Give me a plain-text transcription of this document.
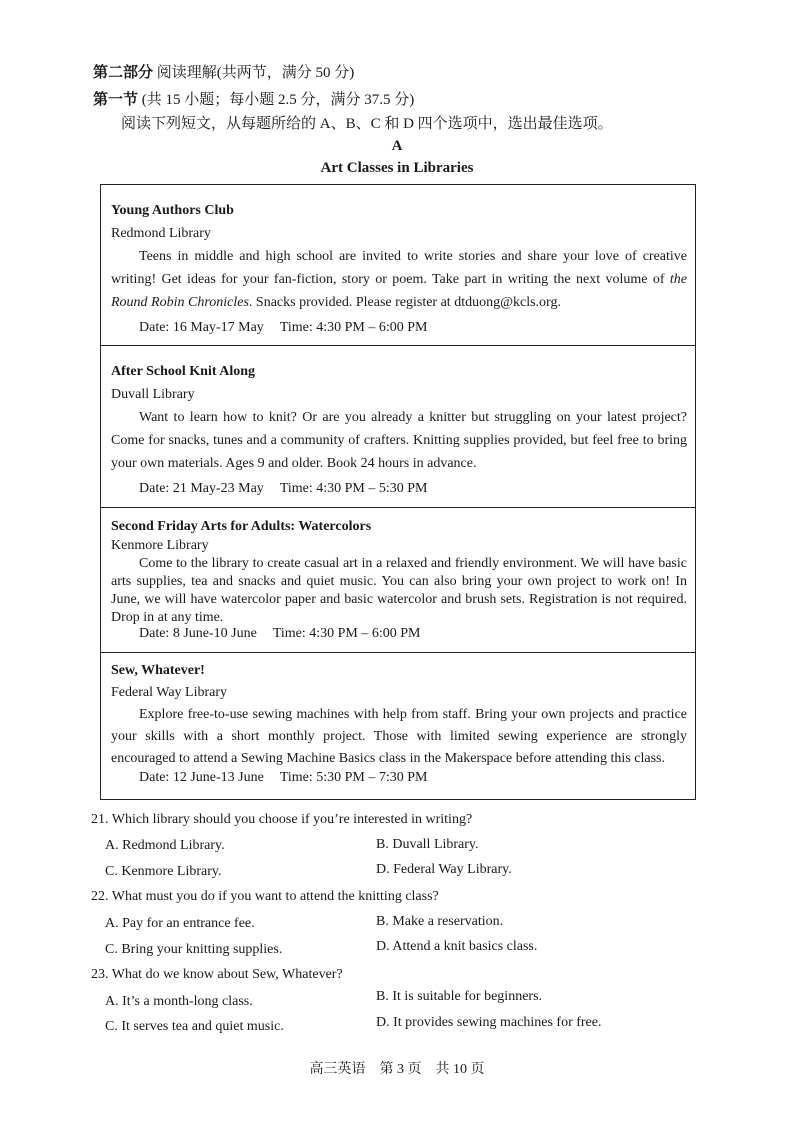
第二部分 阅读理解(共两节，满分 50 分)
第一节 (共 15 小题；每小题 2.5 分，满分 37.5 分)
阅读下列短文，从每题所给的 A、B、C 和 D 四个选项中，选出最佳选项。
A
Art Classes in Libraries
Young Authors Club
Redmond Library
Teens in middle and high school are invited to write stories and share your love of creative writing! Get ideas for your fan-fiction, story or poem. Take part in writing the next volume of the Round Robin Chronicles. Snacks provided. Please register at dtduong@kcls.org.
Date: 16 May-17 May Time: 4:30 PM – 6:00 PM
After School Knit Along
Duvall Library
Want to learn how to knit? Or are you already a knitter but struggling on your latest project? Come for snacks, tunes and a community of crafters. Knitting supplies provided, but feel free to bring your own materials. Ages 9 and older. Book 24 hours in advance.
Date: 21 May-23 May Time: 4:30 PM – 5:30 PM
Second Friday Arts for Adults: Watercolors
Kenmore Library
Come to the library to create casual art in a relaxed and friendly environment. We will have basic arts supplies, tea and snacks and quiet music. You can also bring your own project to work on! In June, we will have watercolor paper and basic watercolor and brush sets. Registration is not required. Drop in at any time.
Date: 8 June-10 June Time: 4:30 PM – 6:00 PM
Sew, Whatever!
Federal Way Library
Explore free-to-use sewing machines with help from staff. Bring your own projects and practice your skills with a short monthly project. Those with limited sewing experience are strongly encouraged to attend a Sewing Machine Basics class in the Makerspace before attending this class.
Date: 12 June-13 June Time: 5:30 PM – 7:30 PM
21. Which library should you choose if you’re interested in writing?
A. Redmond Library.	B. Duvall Library.
C. Kenmore Library.	D. Federal Way Library.
22. What must you do if you want to attend the knitting class?
A. Pay for an entrance fee.	B. Make a reservation.
C. Bring your knitting supplies.	D. Attend a knit basics class.
23. What do we know about Sew, Whatever?
A. It’s a month-long class.	B. It is suitable for beginners.
C. It serves tea and quiet music.	D. It provides sewing machines for free.
高三英语　第 3 页　共 10 页
